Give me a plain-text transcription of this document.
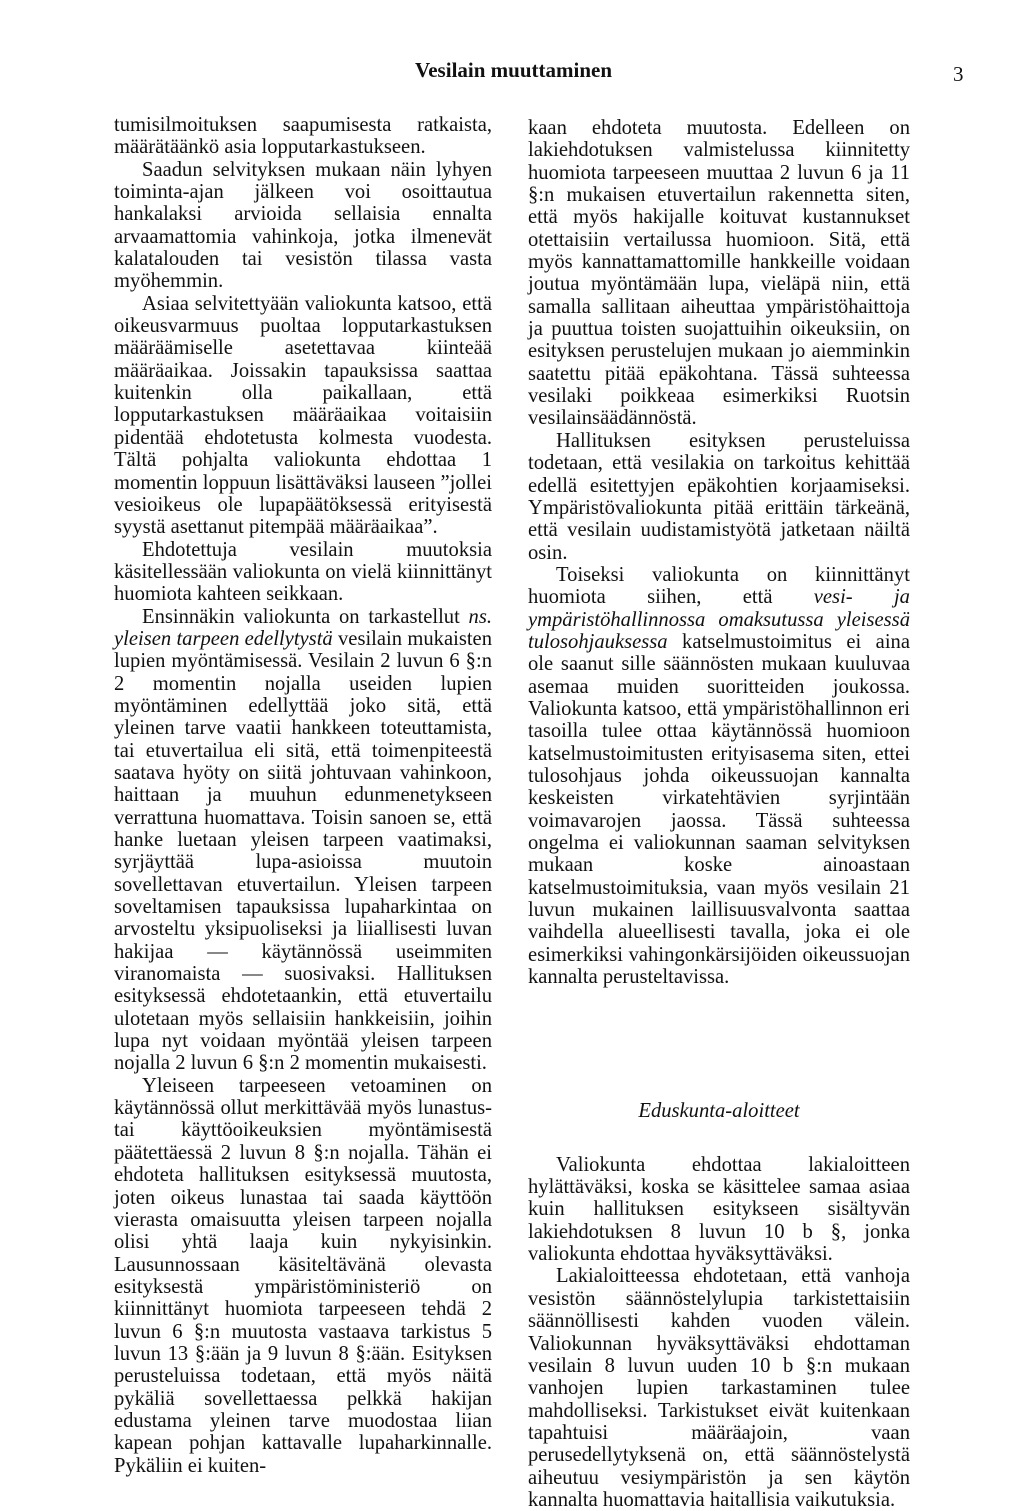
Vesilain muuttaminen	3

tumisilmoituksen saapumisesta ratkaista, määrätäänkö asia lopputarkastukseen.

Saadun selvityksen mukaan näin lyhyen toiminta-ajan jälkeen voi osoittautua hankalaksi arvioida sellaisia ennalta arvaamattomia vahinkoja, jotka ilmenevät kalatalouden tai vesistön tilassa vasta myöhemmin.

Asiaa selvitettyään valiokunta katsoo, että oikeusvarmuus puoltaa lopputarkastuksen määräämiselle asetettavaa kiinteää määräaikaa. Joissakin tapauksissa saattaa kuitenkin olla paikallaan, että lopputarkastuksen määräaikaa voitaisiin pidentää ehdotetusta kolmesta vuodesta. Tältä pohjalta valiokunta ehdottaa 1 momentin loppuun lisättäväksi lauseen ”jollei vesioikeus ole lupapäätöksessä erityisestä syystä asettanut pitempää määräaikaa”.

Ehdotettuja vesilain muutoksia käsitellessään valiokunta on vielä kiinnittänyt huomiota kahteen seikkaan.

Ensinnäkin valiokunta on tarkastellut ns. yleisen tarpeen edellytystä vesilain mukaisten lupien myöntämisessä. Vesilain 2 luvun 6 §:n 2 momentin nojalla useiden lupien myöntäminen edellyttää joko sitä, että yleinen tarve vaatii hankkeen toteuttamista, tai etuvertailua eli sitä, että toimenpiteestä saatava hyöty on siitä johtuvaan vahinkoon, haittaan ja muuhun edunmenetykseen verrattuna huomattava. Toisin sanoen se, että hanke luetaan yleisen tarpeen vaatimaksi, syrjäyttää lupa-asioissa muutoin sovellettavan etuvertailun. Yleisen tarpeen soveltamisen tapauksissa lupaharkintaa on arvosteltu yksipuoliseksi ja liiallisesti luvan hakijaa — käytännössä useimmiten viranomaista — suosivaksi. Hallituksen esityksessä ehdotetaankin, että etuvertailu ulotetaan myös sellaisiin hankkeisiin, joihin lupa nyt voidaan myöntää yleisen tarpeen nojalla 2 luvun 6 §:n 2 momentin mukaisesti.

Yleiseen tarpeeseen vetoaminen on käytännössä ollut merkittävää myös lunastus- tai käyttöoikeuksien myöntämisestä päätettäessä 2 luvun 8 §:n nojalla. Tähän ei ehdoteta hallituksen esityksessä muutosta, joten oikeus lunastaa tai saada käyttöön vierasta omaisuutta yleisen tarpeen nojalla olisi yhtä laaja kuin nykyisinkin. Lausunnossaan käsiteltävänä olevasta esityksestä ympäristöministeriö on kiinnittänyt huomiota tarpeeseen tehdä 2 luvun 6 §:n muutosta vastaava tarkistus 5 luvun 13 §:ään ja 9 luvun 8 §:ään. Esityksen perusteluissa todetaan, että myös näitä pykäliä sovellettaessa pelkkä hakijan edustama yleinen tarve muodostaa liian kapean pohjan kattavalle lupaharkinnalle. Pykäliin ei kuiten-

kaan ehdoteta muutosta. Edelleen on lakiehdotuksen valmistelussa kiinnitetty huomiota tarpeeseen muuttaa 2 luvun 6 ja 11 §:n mukaisen etuvertailun rakennetta siten, että myös hakijalle koituvat kustannukset otettaisiin vertailussa huomioon. Sitä, että myös kannattamattomille hankkeille voidaan joutua myöntämään lupa, vieläpä niin, että samalla sallitaan aiheuttaa ympäristöhaittoja ja puuttua toisten suojattuihin oikeuksiin, on esityksen perustelujen mukaan jo aiemminkin saatettu pitää epäkohtana. Tässä suhteessa vesilaki poikkeaa esimerkiksi Ruotsin vesilainsäädännöstä.

Hallituksen esityksen perusteluissa todetaan, että vesilakia on tarkoitus kehittää edellä esitettyjen epäkohtien korjaamiseksi. Ympäristövaliokunta pitää erittäin tärkeänä, että vesilain uudistamistyötä jatketaan näiltä osin.

Toiseksi valiokunta on kiinnittänyt huomiota siihen, että vesi- ja ympäristöhallinnossa omaksutussa yleisessä tulosohjauksessa katselmustoimitus ei aina ole saanut sille säännösten mukaan kuuluvaa asemaa muiden suoritteiden joukossa. Valiokunta katsoo, että ympäristöhallinnon eri tasoilla tulee ottaa käytännössä huomioon katselmustoimitusten erityisasema siten, ettei tulosohjaus johda oikeussuojan kannalta keskeisten virkatehtävien syrjintään voimavarojen jaossa. Tässä suhteessa ongelma ei valiokunnan saaman selvityksen mukaan koske ainoastaan katselmustoimituksia, vaan myös vesilain 21 luvun mukainen laillisuusvalvonta saattaa vaihdella alueellisesti tavalla, joka ei ole esimerkiksi vahingonkärsijöiden oikeussuojan kannalta perusteltavissa.

Eduskunta-aloitteet

Valiokunta ehdottaa lakialoitteen hylättäväksi, koska se käsittelee samaa asiaa kuin hallituksen esitykseen sisältyvän lakiehdotuksen 8 luvun 10 b §, jonka valiokunta ehdottaa hyväksyttäväksi.

Lakialoitteessa ehdotetaan, että vanhoja vesistön säännöstelylupia tarkistettaisiin säännöllisesti kahden vuoden välein. Valiokunnan hyväksyttäväksi ehdottaman vesilain 8 luvun uuden 10 b §:n mukaan vanhojen lupien tarkastaminen tulee mahdolliseksi. Tarkistukset eivät kuitenkaan tapahtuisi määräajoin, vaan perusedellytyksenä on, että säännöstelystä aiheutuu vesiympäristön ja sen käytön kannalta huomattavia haitallisia vaikutuksia.
